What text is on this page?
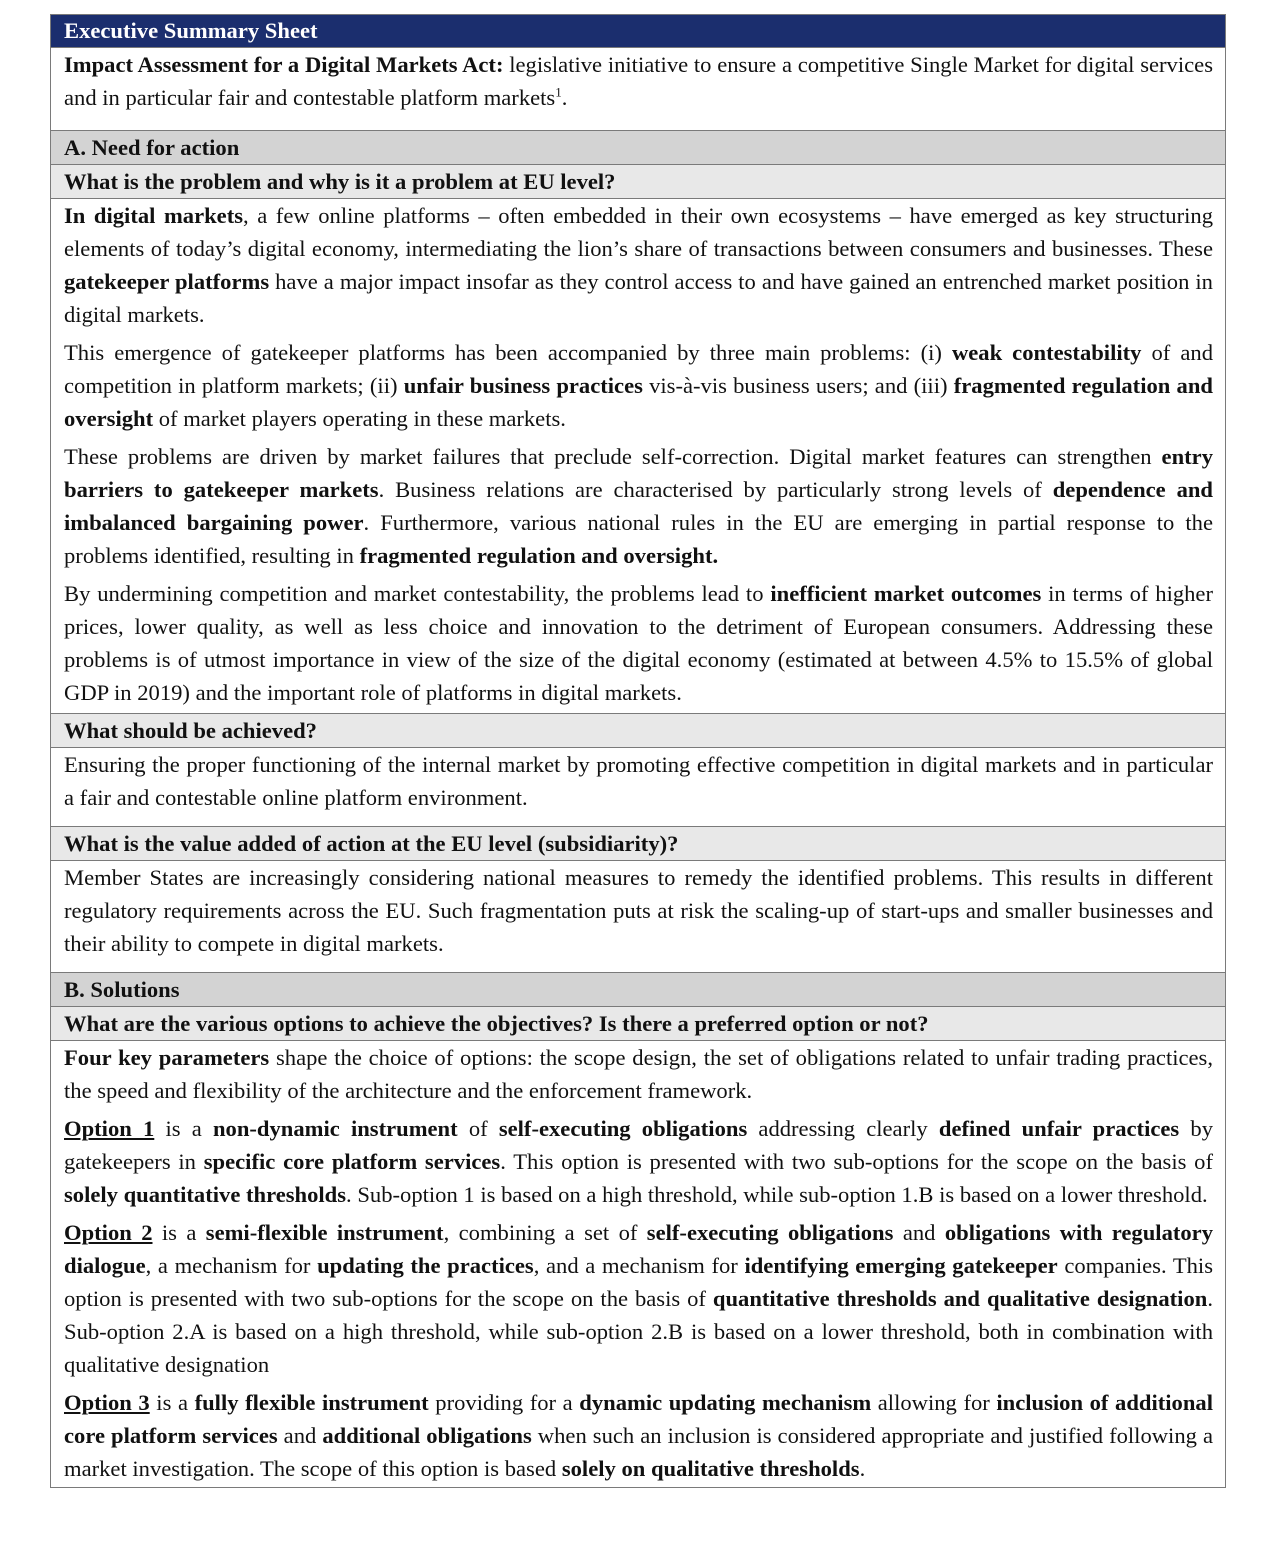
Executive Summary Sheet

Impact Assessment for a Digital Markets Act: legislative initiative to ensure a competitive Single Market for digital services and in particular fair and contestable platform markets$^1$.

A. Need for action
What is the problem and why is it a problem at EU level?

In digital markets, a few online platforms – often embedded in their own ecosystems – have emerged as key structuring elements of today’s digital economy, intermediating the lion’s share of transactions between consumers and businesses. These gatekeeper platforms have a major impact insofar as they control access to and have gained an entrenched market position in digital markets.

This emergence of gatekeeper platforms has been accompanied by three main problems: (i) weak contestability of and competition in platform markets; (ii) unfair business practices vis-à-vis business users; and (iii) fragmented regulation and oversight of market players operating in these markets.

These problems are driven by market failures that preclude self-correction. Digital market features can strengthen entry barriers to gatekeeper markets. Business relations are characterised by particularly strong levels of dependence and imbalanced bargaining power. Furthermore, various national rules in the EU are emerging in partial response to the problems identified, resulting in fragmented regulation and oversight.

By undermining competition and market contestability, the problems lead to inefficient market outcomes in terms of higher prices, lower quality, as well as less choice and innovation to the detriment of European consumers. Addressing these problems is of utmost importance in view of the size of the digital economy (estimated at between 4.5% to 15.5% of global GDP in 2019) and the important role of platforms in digital markets.

What should be achieved?

Ensuring the proper functioning of the internal market by promoting effective competition in digital markets and in particular a fair and contestable online platform environment.

What is the value added of action at the EU level (subsidiarity)?

Member States are increasingly considering national measures to remedy the identified problems. This results in different regulatory requirements across the EU. Such fragmentation puts at risk the scaling-up of start-ups and smaller businesses and their ability to compete in digital markets.

B. Solutions
What are the various options to achieve the objectives? Is there a preferred option or not?

Four key parameters shape the choice of options: the scope design, the set of obligations related to unfair trading practices, the speed and flexibility of the architecture and the enforcement framework.

Option 1 is a non-dynamic instrument of self-executing obligations addressing clearly defined unfair practices by gatekeepers in specific core platform services. This option is presented with two sub-options for the scope on the basis of solely quantitative thresholds. Sub-option 1 is based on a high threshold, while sub-option 1.B is based on a lower threshold.

Option 2 is a semi-flexible instrument, combining a set of self-executing obligations and obligations with regulatory dialogue, a mechanism for updating the practices, and a mechanism for identifying emerging gatekeeper companies. This option is presented with two sub-options for the scope on the basis of quantitative thresholds and qualitative designation. Sub-option 2.A is based on a high threshold, while sub-option 2.B is based on a lower threshold, both in combination with qualitative designation

Option 3 is a fully flexible instrument providing for a dynamic updating mechanism allowing for inclusion of additional core platform services and additional obligations when such an inclusion is considered appropriate and justified following a market investigation. The scope of this option is based solely on qualitative thresholds.
